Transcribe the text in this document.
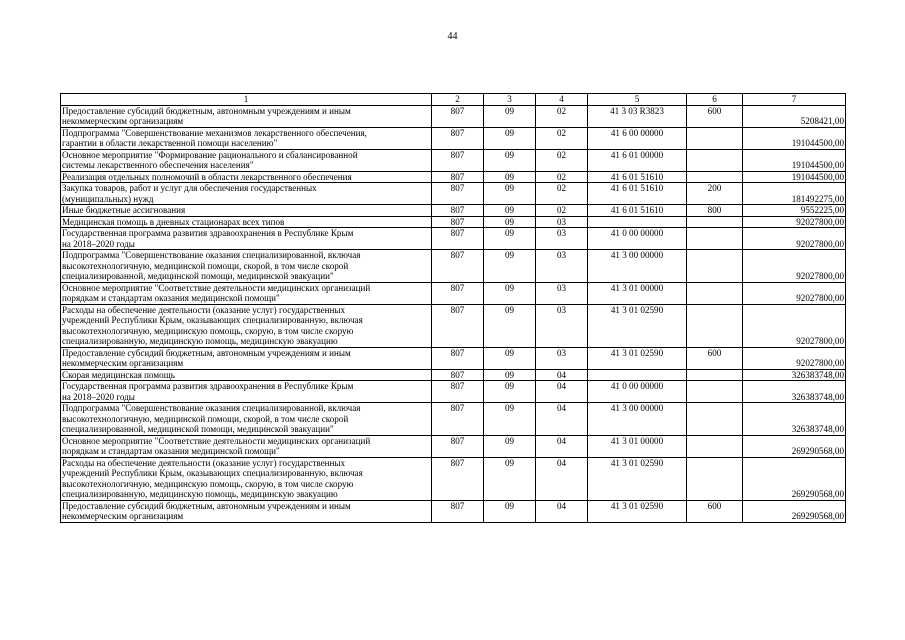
44
1	2	3	4	5	6	7

Предоставление субсидий бюджетным, автономным учреждениям и иным
некоммерческим организациям	807	09	02	41 3 03 R3823	600	5208421,00

Подпрограмма "Совершенствование механизмов лекарственного обеспечения,
гарантии в области лекарственной помощи населению"	807	09	02	41 6 00 00000		191044500,00

Основное мероприятие "Формирование рационального и сбалансированной
системы лекарственного обеспечения населения"	807	09	02	41 6 01 00000		191044500,00

Реализация отдельных полномочий в области лекарственного обеспечения	807	09	02	41 6 01 51610		191044500,00

Закупка товаров, работ и услуг для обеспечения государственных
(муниципальных) нужд	807	09	02	41 6 01 51610	200	181492275,00

Иные бюджетные ассигнования	807	09	02	41 6 01 51610	800	9552225,00

Медицинская помощь в дневных стационарах всех типов	807	09	03			92027800,00

Государственная программа развития здравоохранения в Республике Крым
на 2018–2020 годы	807	09	03	41 0 00 00000		92027800,00

Подпрограмма "Совершенствование оказания специализированной, включая
высокотехнологичную, медицинской помощи, скорой, в том числе скорой
специализированной, медицинской помощи, медицинской эвакуации"	807	09	03	41 3 00 00000		92027800,00

Основное мероприятие "Соответствие деятельности медицинских организаций
порядкам и стандартам оказания медицинской помощи"	807	09	03	41 3 01 00000		92027800,00

Расходы на обеспечение деятельности (оказание услуг) государственных
учреждений Республики Крым, оказывающих специализированную, включая
высокотехнологичную, медицинскую помощь, скорую, в том числе скорую
специализированную, медицинскую помощь, медицинскую эвакуацию	807	09	03	41 3 01 02590		92027800,00

Предоставление субсидий бюджетным, автономным учреждениям и иным
некоммерческим организациям	807	09	03	41 3 01 02590	600	92027800,00

Скорая медицинская помощь	807	09	04			326383748,00

Государственная программа развития здравоохранения в Республике Крым
на 2018–2020 годы	807	09	04	41 0 00 00000		326383748,00

Подпрограмма "Совершенствование оказания специализированной, включая
высокотехнологичную, медицинской помощи, скорой, в том числе скорой
специализированной, медицинской помощи, медицинской эвакуации"	807	09	04	41 3 00 00000		326383748,00

Основное мероприятие "Соответствие деятельности медицинских организаций
порядкам и стандартам оказания медицинской помощи"	807	09	04	41 3 01 00000		269290568,00

Расходы на обеспечение деятельности (оказание услуг) государственных
учреждений Республики Крым, оказывающих специализированную, включая
высокотехнологичную, медицинскую помощь, скорую, в том числе скорую
специализированную, медицинскую помощь, медицинскую эвакуацию	807	09	04	41 3 01 02590		269290568,00

Предоставление субсидий бюджетным, автономным учреждениям и иным
некоммерческим организациям	807	09	04	41 3 01 02590	600	269290568,00
